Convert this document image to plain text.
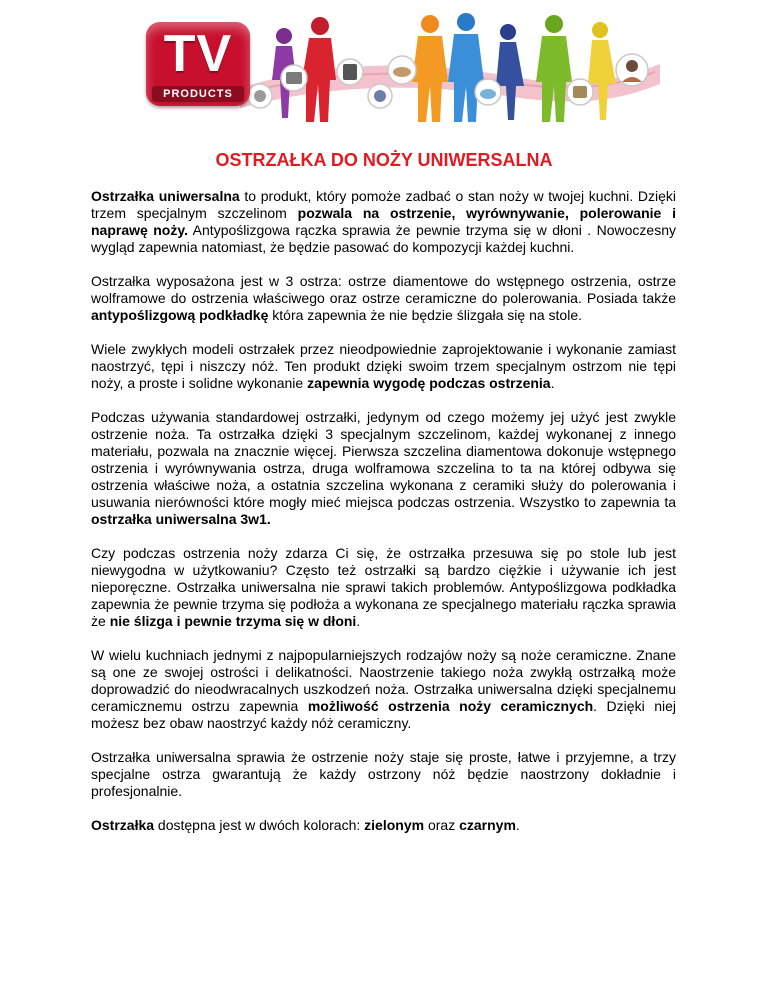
TV
PRODUCTS
OSTRZAŁKA DO NOŻY UNIWERSALNA

Ostrzałka uniwersalna to produkt, który pomoże zadbać o stan noży w twojej kuchni. Dzięki trzem specjalnym szczelinom pozwala na ostrzenie, wyrównywanie, polerowanie i naprawę noży. Antypoślizgowa rączka sprawia że pewnie trzyma się w dłoni . Nowoczesny wygląd zapewnia natomiast, że będzie pasować do kompozycji każdej kuchni.

Ostrzałka wyposażona jest w 3 ostrza: ostrze diamentowe do wstępnego ostrzenia, ostrze wolframowe do ostrzenia właściwego oraz ostrze ceramiczne do polerowania. Posiada także antypoślizgową podkładkę która zapewnia że nie będzie ślizgała się na stole.

Wiele zwykłych modeli ostrzałek przez nieodpowiednie zaprojektowanie i wykonanie zamiast naostrzyć, tępi i niszczy nóż. Ten produkt dzięki swoim trzem specjalnym ostrzom nie tępi noży, a proste i solidne wykonanie zapewnia wygodę podczas ostrzenia.

Podczas używania standardowej ostrzałki, jedynym od czego możemy jej użyć jest zwykle ostrzenie noża. Ta ostrzałka dzięki 3 specjalnym szczelinom, każdej wykonanej z innego materiału, pozwala na znacznie więcej. Pierwsza szczelina diamentowa dokonuje wstępnego ostrzenia i wyrównywania ostrza, druga wolframowa szczelina to ta na której odbywa się ostrzenia właściwe noża, a ostatnia szczelina wykonana z ceramiki służy do polerowania i usuwania nierówności które mogły mieć miejsca podczas ostrzenia. Wszystko to zapewnia ta ostrzałka uniwersalna 3w1.

Czy podczas ostrzenia noży zdarza Ci się, że ostrzałka przesuwa się po stole lub jest niewygodna w użytkowaniu? Często też ostrzałki są bardzo ciężkie i używanie ich jest nieporęczne. Ostrzałka uniwersalna nie sprawi takich problemów. Antypoślizgowa podkładka zapewnia że pewnie trzyma się podłoża a wykonana ze specjalnego materiału rączka sprawia że nie ślizga i pewnie trzyma się w dłoni.

W wielu kuchniach jednymi z najpopularniejszych rodzajów noży są noże ceramiczne. Znane są one ze swojej ostrości i delikatności. Naostrzenie takiego noża zwykłą ostrzałką może doprowadzić do nieodwracalnych uszkodzeń noża. Ostrzałka uniwersalna dzięki specjalnemu ceramicznemu ostrzu zapewnia możliwość ostrzenia noży ceramicznych. Dzięki niej możesz bez obaw naostrzyć każdy nóż ceramiczny.

Ostrzałka uniwersalna sprawia że ostrzenie noży staje się proste, łatwe i przyjemne, a trzy specjalne ostrza gwarantują że każdy ostrzony nóż będzie naostrzony dokładnie i profesjonalnie.

Ostrzałka dostępna jest w dwóch kolorach: zielonym oraz czarnym.
